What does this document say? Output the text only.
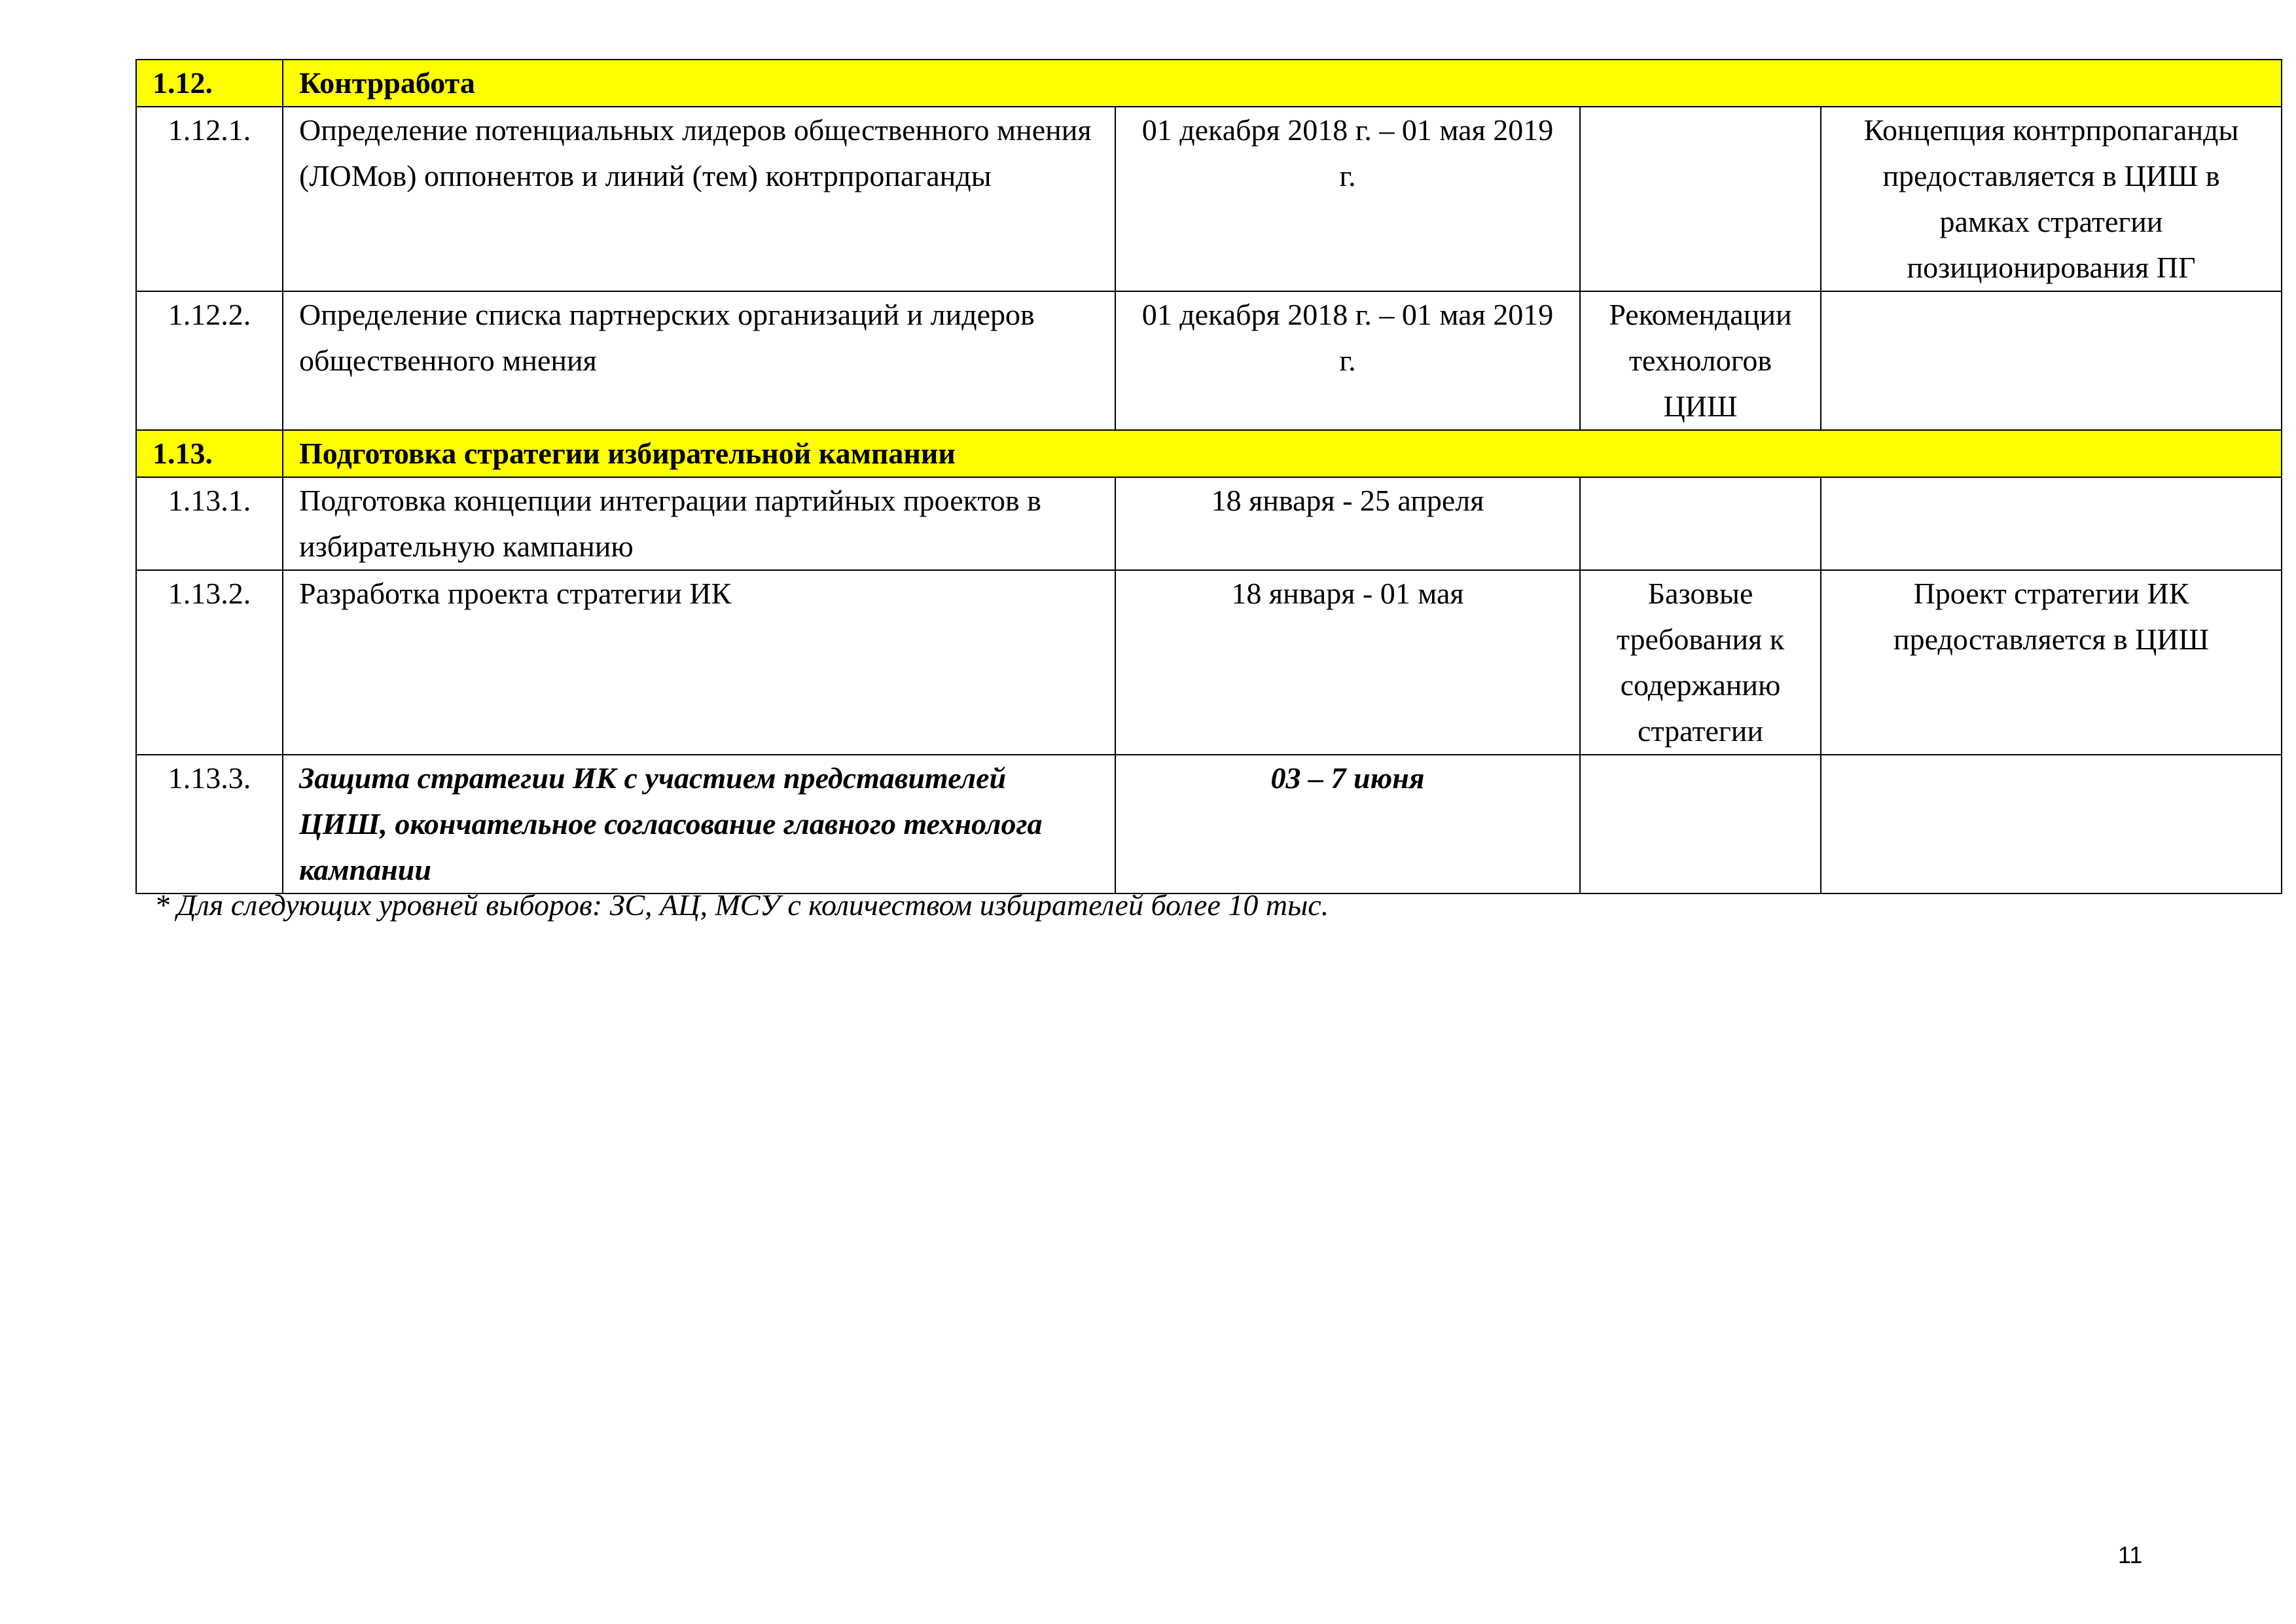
1.12.	Контрработа			
1.12.1.	Определение потенциальных лидеров общественного мнения (ЛОМов) оппонентов и линий (тем) контрпропаганды	01 декабря 2018 г. – 01 мая 2019 г.		Концепция контрпропаганды предоставляется в ЦИШ в рамках стратегии позиционирования ПГ
1.12.2.	Определение списка партнерских организаций и лидеров общественного мнения	01 декабря 2018 г. – 01 мая 2019 г.	Рекомендации технологов ЦИШ	
1.13.	Подготовка стратегии избирательной кампании			
1.13.1.	Подготовка концепции интеграции партийных проектов в избирательную кампанию	18 января - 25 апреля		
1.13.2.	Разработка проекта стратегии ИК	18 января - 01 мая	Базовые требования к содержанию стратегии	Проект стратегии ИК предоставляется в ЦИШ
1.13.3.	Защита стратегии ИК с участием представителей ЦИШ, окончательное согласование главного технолога кампании	03 – 7 июня		
* Для следующих уровней выборов: ЗС, АЦ, МСУ с количеством избирателей более 10 тыс.
11
